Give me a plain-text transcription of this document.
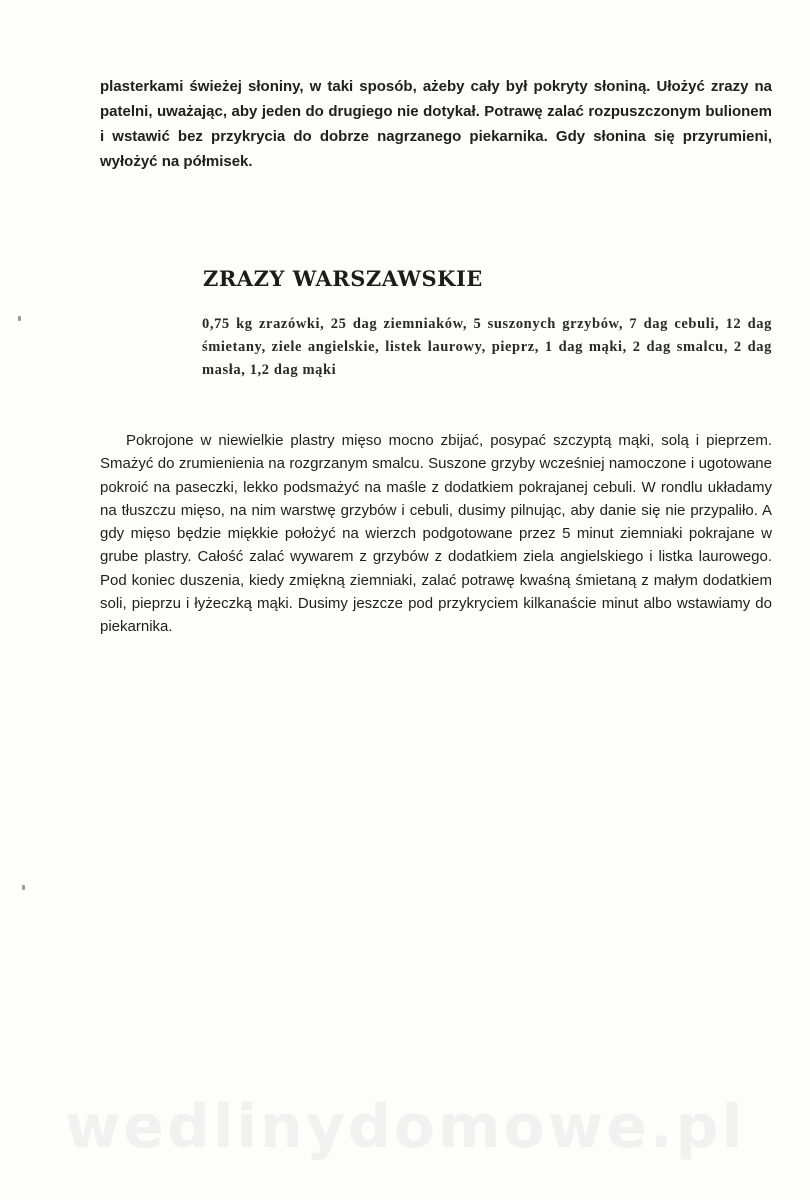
plasterkami świeżej słoniny, w taki sposób, ażeby cały był pokryty słoniną. Ułożyć zrazy na patelni, uważając, aby jeden do drugiego nie dotykał. Potrawę zalać rozpuszczonym bulionem i wstawić bez przykrycia do dobrze nagrzanego piekarnika. Gdy słonina się przyrumieni, wyłożyć na półmisek.

ZRAZY WARSZAWSKIE

0,75 kg zrazówki, 25 dag ziemniaków, 5 suszonych grzybów, 7 dag cebuli, 12 dag śmietany, ziele angielskie, listek laurowy, pieprz, 1 dag mąki, 2 dag smalcu, 2 dag masła, 1,2 dag mąki

Pokrojone w niewielkie plastry mięso mocno zbijać, posypać szczyptą mąki, solą i pieprzem. Smażyć do zrumienienia na rozgrzanym smalcu. Suszone grzyby wcześniej namoczone i ugotowane pokroić na paseczki, lekko podsmażyć na maśle z dodatkiem pokrajanej cebuli. W rondlu układamy na tłuszczu mięso, na nim warstwę grzybów i cebuli, dusimy pilnując, aby danie się nie przypaliło. A gdy mięso będzie miękkie położyć na wierzch podgotowane przez 5 minut ziemniaki pokrajane w grube plastry. Całość zalać wywarem z grzybów z dodatkiem ziela angielskiego i listka laurowego. Pod koniec duszenia, kiedy zmiękną ziemniaki, zalać potrawę kwaśną śmietaną z małym dodatkiem soli, pieprzu i łyżeczką mąki. Dusimy jeszcze pod przykryciem kilkanaście minut albo wstawiamy do piekarnika.

wedlinydomowe.pl
